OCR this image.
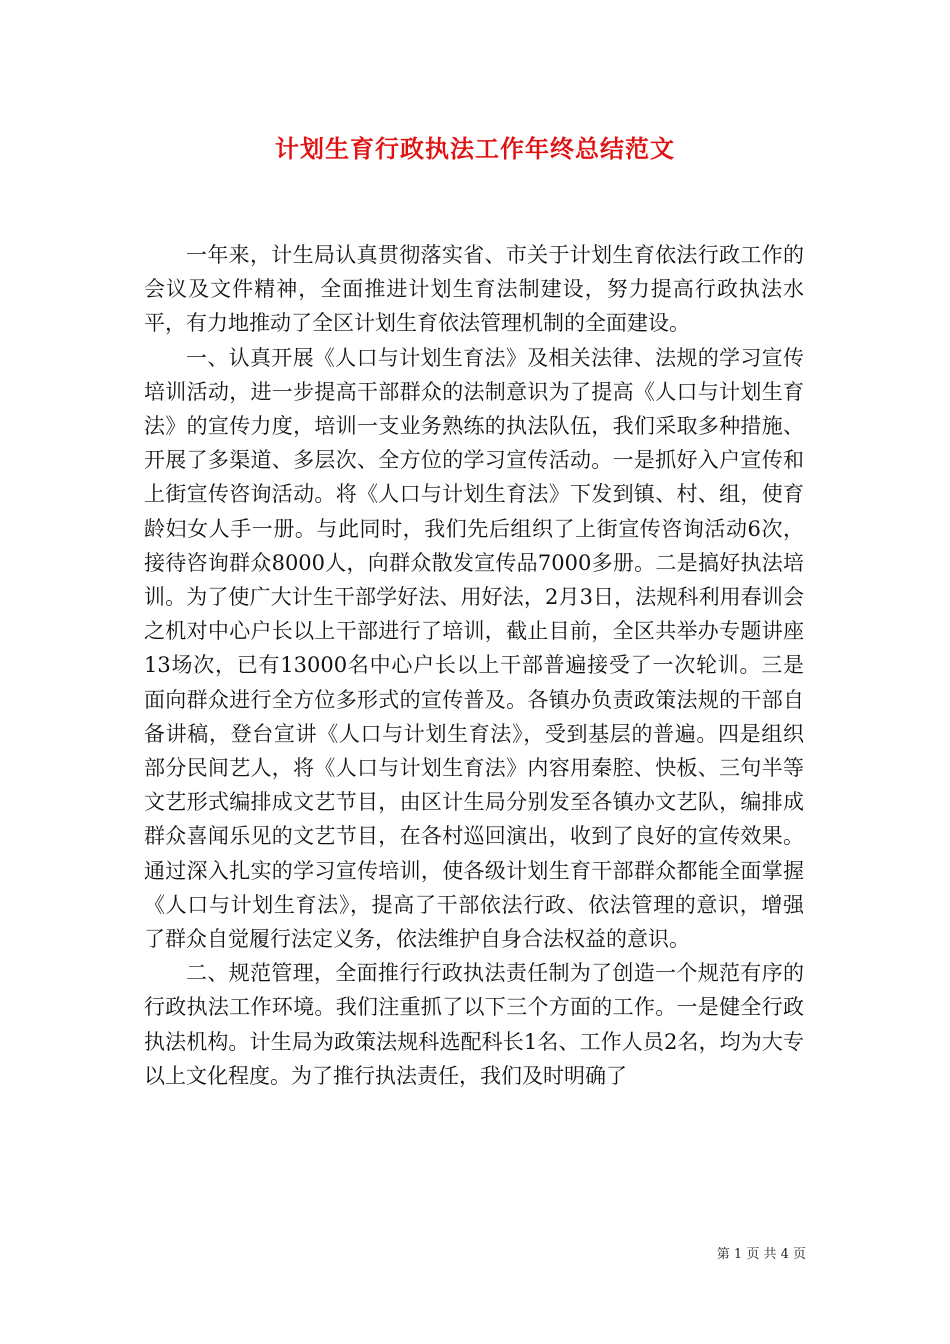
计划生育行政执法工作年终总结范文

一年来，计生局认真贯彻落实省、市关于计划生育依法行政工作的会议及文件精神，全面推进计划生育法制建设，努力提高行政执法水平，有力地推动了全区计划生育依法管理机制的全面建设。

一、认真开展《人口与计划生育法》及相关法律、法规的学习宣传培训活动，进一步提高干部群众的法制意识为了提高《人口与计划生育法》的宣传力度，培训一支业务熟练的执法队伍，我们采取多种措施、开展了多渠道、多层次、全方位的学习宣传活动。一是抓好入户宣传和上街宣传咨询活动。将《人口与计划生育法》下发到镇、村、组，使育龄妇女人手一册。与此同时，我们先后组织了上街宣传咨询活动6次，接待咨询群众8000人，向群众散发宣传品7000多册。二是搞好执法培训。为了使广大计生干部学好法、用好法，2月3日，法规科利用春训会之机对中心户长以上干部进行了培训，截止目前，全区共举办专题讲座13场次，已有13000名中心户长以上干部普遍接受了一次轮训。三是面向群众进行全方位多形式的宣传普及。各镇办负责政策法规的干部自备讲稿，登台宣讲《人口与计划生育法》，受到基层的普遍。四是组织部分民间艺人，将《人口与计划生育法》内容用秦腔、快板、三句半等文艺形式编排成文艺节目，由区计生局分别发至各镇办文艺队，编排成群众喜闻乐见的文艺节目，在各村巡回演出，收到了良好的宣传效果。通过深入扎实的学习宣传培训，使各级计划生育干部群众都能全面掌握《人口与计划生育法》，提高了干部依法行政、依法管理的意识，增强了群众自觉履行法定义务，依法维护自身合法权益的意识。

二、规范管理，全面推行行政执法责任制为了创造一个规范有序的行政执法工作环境。我们注重抓了以下三个方面的工作。一是健全行政执法机构。计生局为政策法规科选配科长1名、工作人员2名，均为大专以上文化程度。为了推行执法责任，我们及时明确了

第 1 页 共 4 页
